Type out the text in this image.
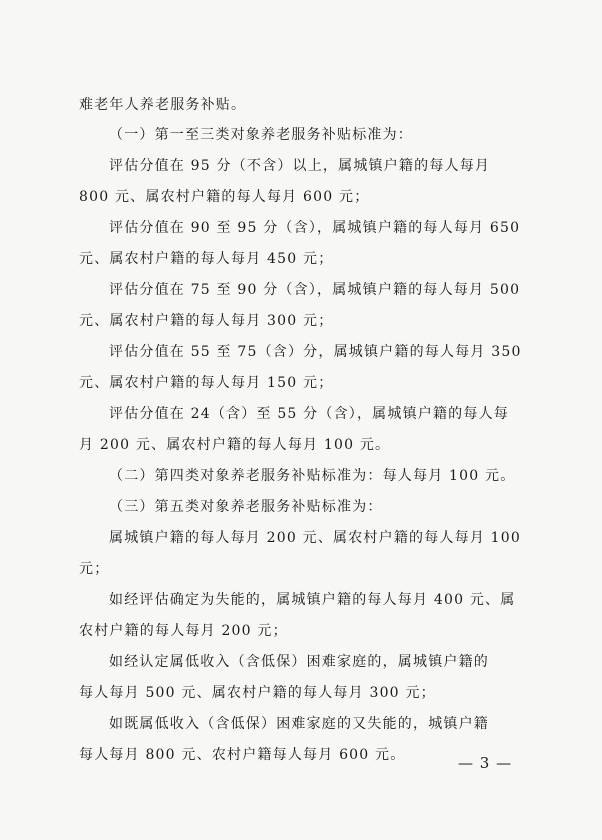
难老年人养老服务补贴。
（一）第一至三类对象养老服务补贴标准为：
评估分值在 95 分（不含）以上，属城镇户籍的每人每月
800 元、属农村户籍的每人每月 600 元；
评估分值在 90 至 95 分（含），属城镇户籍的每人每月 650
元、属农村户籍的每人每月 450 元；
评估分值在 75 至 90 分（含），属城镇户籍的每人每月 500
元、属农村户籍的每人每月 300 元；
评估分值在 55 至 75（含）分，属城镇户籍的每人每月 350
元、属农村户籍的每人每月 150 元；
评估分值在 24（含）至 55 分（含），属城镇户籍的每人每
月 200 元、属农村户籍的每人每月 100 元。
（二）第四类对象养老服务补贴标准为：每人每月 100 元。
（三）第五类对象养老服务补贴标准为：
属城镇户籍的每人每月 200 元、属农村户籍的每人每月 100
元；
如经评估确定为失能的，属城镇户籍的每人每月 400 元、属
农村户籍的每人每月 200 元；
如经认定属低收入（含低保）困难家庭的，属城镇户籍的
每人每月 500 元、属农村户籍的每人每月 300 元；
如既属低收入（含低保）困难家庭的又失能的，城镇户籍
每人每月 800 元、农村户籍每人每月 600 元。	— 3 —
